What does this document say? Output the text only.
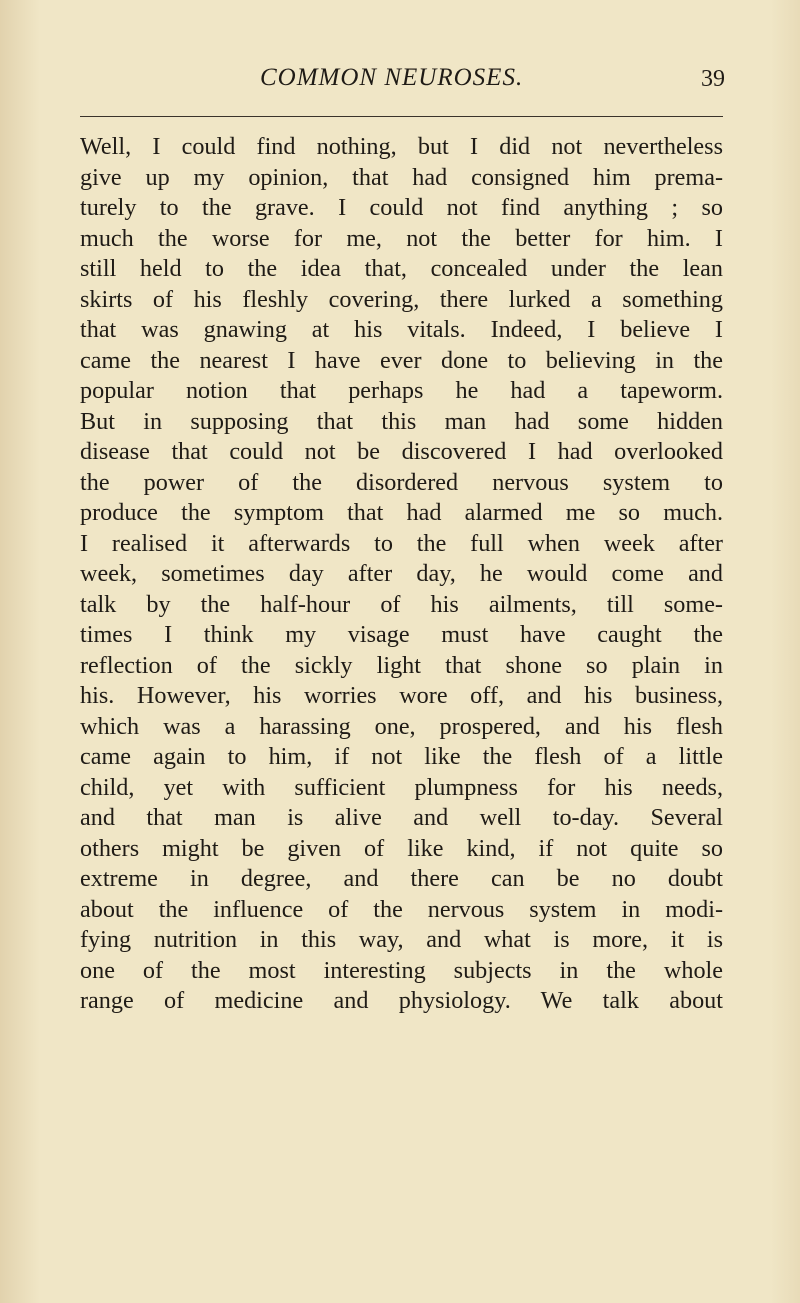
COMMON NEUROSES.	39
Well, I could find nothing, but I did not nevertheless
give up my opinion, that had consigned him prema-
turely to the grave. I could not find anything ; so
much the worse for me, not the better for him. I
still held to the idea that, concealed under the lean
skirts of his fleshly covering, there lurked a something
that was gnawing at his vitals. Indeed, I believe I
came the nearest I have ever done to believing in the
popular notion that perhaps he had a tapeworm.
But in supposing that this man had some hidden
disease that could not be discovered I had overlooked
the power of the disordered nervous system to
produce the symptom that had alarmed me so much.
I realised it afterwards to the full when week after
week, sometimes day after day, he would come and
talk by the half-hour of his ailments, till some-
times I think my visage must have caught the
reflection of the sickly light that shone so plain in
his. However, his worries wore off, and his business,
which was a harassing one, prospered, and his flesh
came again to him, if not like the flesh of a little
child, yet with sufficient plumpness for his needs,
and that man is alive and well to-day. Several
others might be given of like kind, if not quite so
extreme in degree, and there can be no doubt
about the influence of the nervous system in modi-
fying nutrition in this way, and what is more, it is
one of the most interesting subjects in the whole
range of medicine and physiology. We talk about
